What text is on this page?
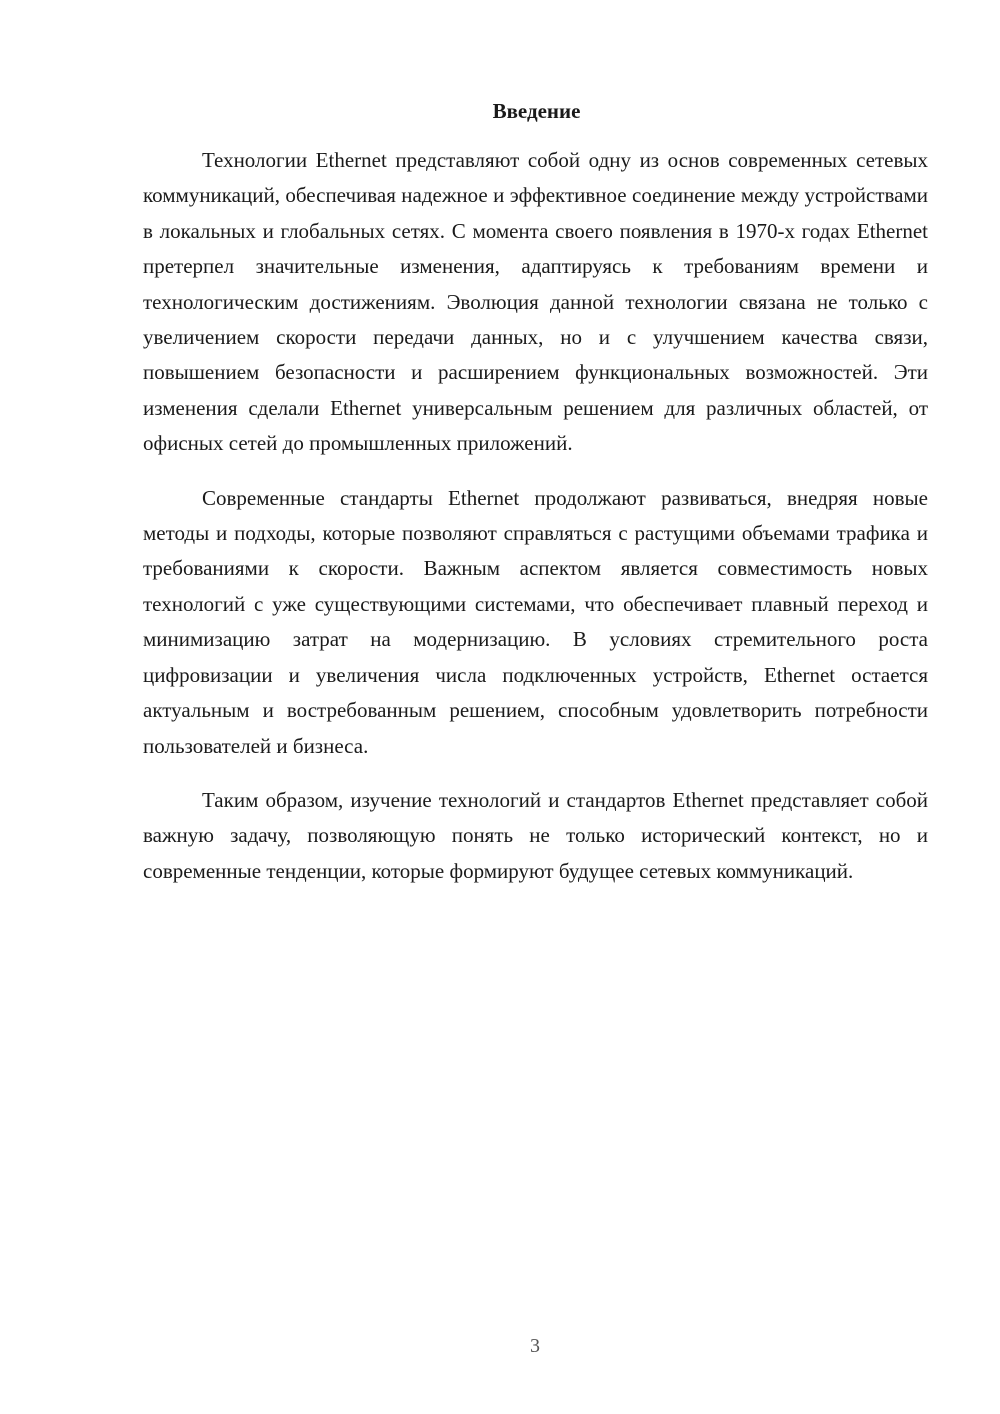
Введение

Технологии Ethernet представляют собой одну из основ современных сетевых коммуникаций, обеспечивая надежное и эффективное соединение между устройствами в локальных и глобальных сетях. С момента своего появления в 1970-х годах Ethernet претерпел значительные изменения, адаптируясь к требованиям времени и технологическим достижениям. Эволюция данной технологии связана не только с увеличением скорости передачи данных, но и с улучшением качества связи, повышением безопасности и расширением функциональных возможностей. Эти изменения сделали Ethernet универсальным решением для различных областей, от офисных сетей до промышленных приложений.

Современные стандарты Ethernet продолжают развиваться, внедряя новые методы и подходы, которые позволяют справляться с растущими объемами трафика и требованиями к скорости. Важным аспектом является совместимость новых технологий с уже существующими системами, что обеспечивает плавный переход и минимизацию затрат на модернизацию. В условиях стремительного роста цифровизации и увеличения числа подключенных устройств, Ethernet остается актуальным и востребованным решением, способным удовлетворить потребности пользователей и бизнеса.

Таким образом, изучение технологий и стандартов Ethernet представляет собой важную задачу, позволяющую понять не только исторический контекст, но и современные тенденции, которые формируют будущее сетевых коммуникаций.

3
